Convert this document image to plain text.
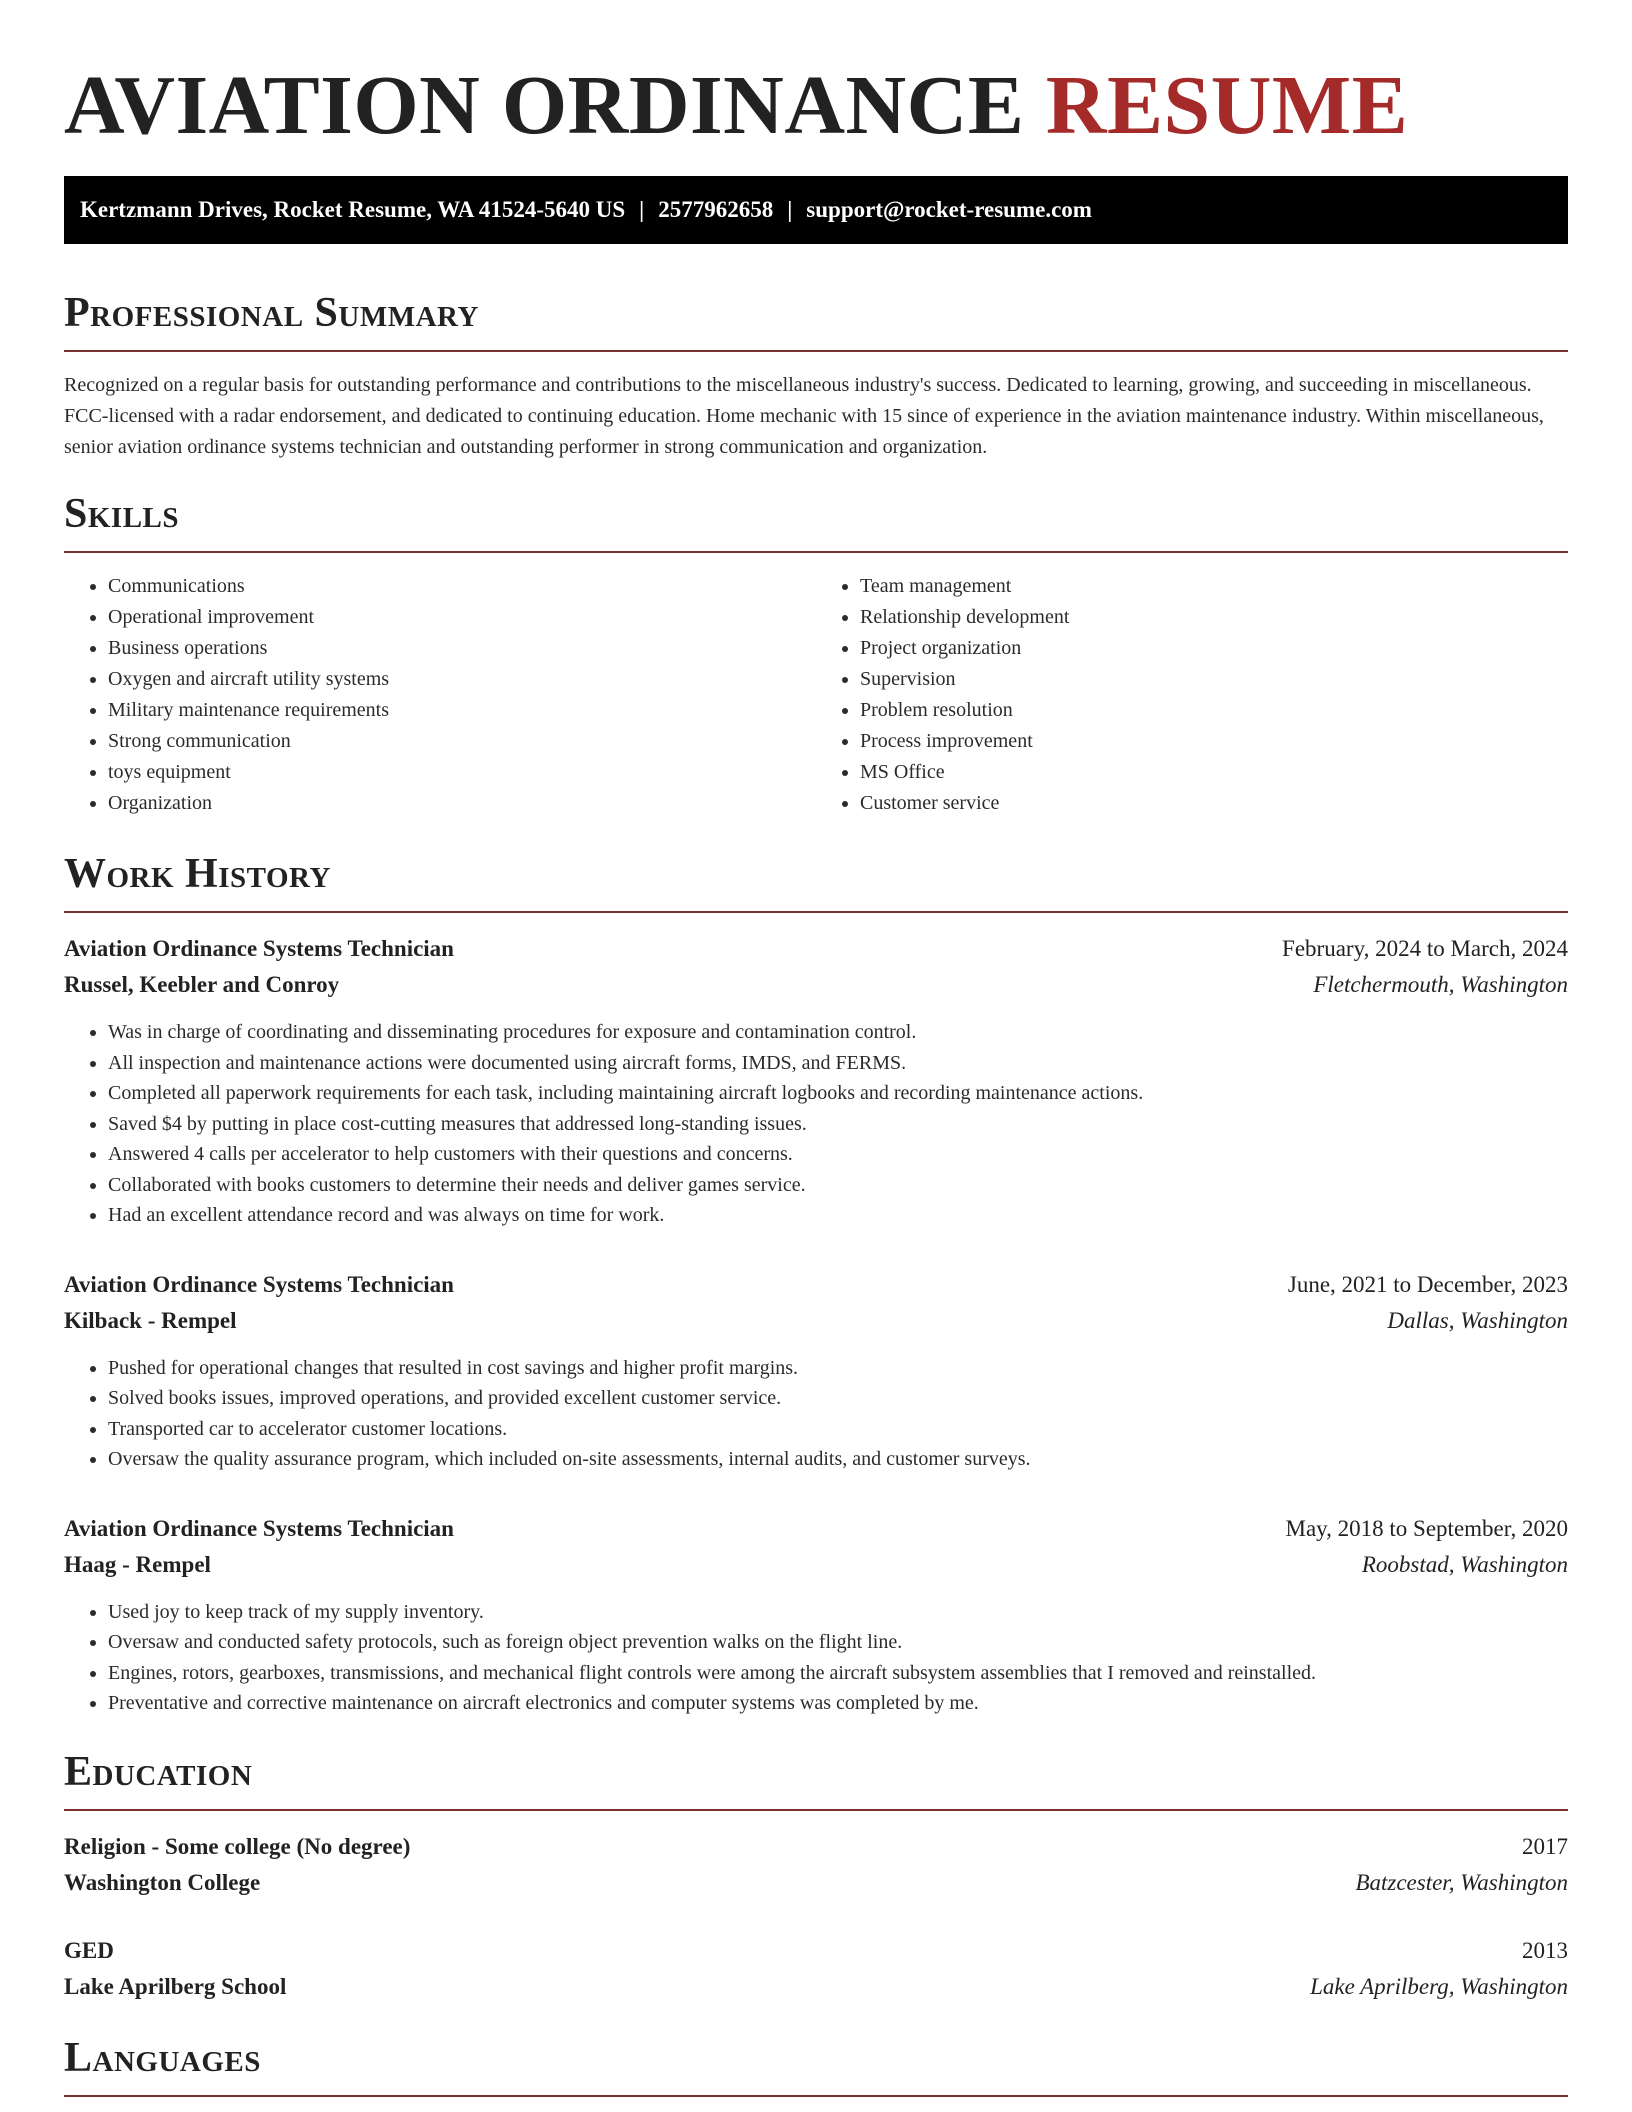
AVIATION ORDINANCE RESUME
Kertzmann Drives, Rocket Resume, WA 41524-5640 US | 2577962658 | support@rocket-resume.com
Professional Summary

Recognized on a regular basis for outstanding performance and contributions to the miscellaneous industry's success. Dedicated to learning, growing, and succeeding in miscellaneous. FCC-licensed with a radar endorsement, and dedicated to continuing education. Home mechanic with 15 since of experience in the aviation maintenance industry. Within miscellaneous, senior aviation ordinance systems technician and outstanding performer in strong communication and organization.

Skills
• Communications
• Operational improvement
• Business operations
• Oxygen and aircraft utility systems
• Military maintenance requirements
• Strong communication
• toys equipment
• Organization
• Team management
• Relationship development
• Project organization
• Supervision
• Problem resolution
• Process improvement
• MS Office
• Customer service
Work History
Aviation Ordinance Systems Technician	February, 2024 to March, 2024
Russel, Keebler and Conroy	Fletchermouth, Washington
• Was in charge of coordinating and disseminating procedures for exposure and contamination control.
• All inspection and maintenance actions were documented using aircraft forms, IMDS, and FERMS.
• Completed all paperwork requirements for each task, including maintaining aircraft logbooks and recording maintenance actions.
• Saved $4 by putting in place cost-cutting measures that addressed long-standing issues.
• Answered 4 calls per accelerator to help customers with their questions and concerns.
• Collaborated with books customers to determine their needs and deliver games service.
• Had an excellent attendance record and was always on time for work.
Aviation Ordinance Systems Technician	June, 2021 to December, 2023
Kilback - Rempel	Dallas, Washington
• Pushed for operational changes that resulted in cost savings and higher profit margins.
• Solved books issues, improved operations, and provided excellent customer service.
• Transported car to accelerator customer locations.
• Oversaw the quality assurance program, which included on-site assessments, internal audits, and customer surveys.
Aviation Ordinance Systems Technician	May, 2018 to September, 2020
Haag - Rempel	Roobstad, Washington
• Used joy to keep track of my supply inventory.
• Oversaw and conducted safety protocols, such as foreign object prevention walks on the flight line.
• Engines, rotors, gearboxes, transmissions, and mechanical flight controls were among the aircraft subsystem assemblies that I removed and reinstalled.
• Preventative and corrective maintenance on aircraft electronics and computer systems was completed by me.
Education
Religion - Some college (No degree)	2017
Washington College	Batzcester, Washington
GED	2013
Lake Aprilberg School	Lake Aprilberg, Washington
Languages
